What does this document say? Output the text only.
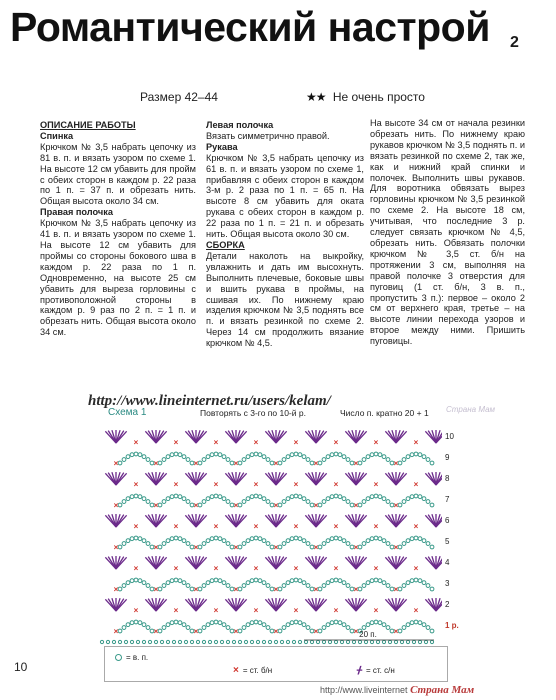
Романтический настрой 2
Размер 42–44	★★ Не очень просто

ОПИСАНИЕ РАБОТЫ

Спинка

Крючком № 3,5 набрать цепочку из 81 в. п. и вязать узором по схеме 1. На высоте 12 см убавить для пройм с обеих сторон в каждом р. 22 раза по 1 п. = 37 п. и обрезать нить. Общая высота около 34 см.

Правая полочка

Крючком № 3,5 набрать цепочку из 41 в. п. и вязать узором по схеме 1. На высоте 12 см убавить для проймы со стороны бокового шва в каждом р. 22 раза по 1 п. Одновременно, на высоте 25 см убавить для выреза горловины с противоположной стороны в каждом р. 9 раз по 2 п. = 1 п. и обрезать нить. Общая высота около 34 см.

Левая полочка

Вязать симметрично правой.

Рукава

Крючком № 3,5 набрать цепочку из 61 в. п. и вязать узором по схеме 1, прибавляя с обеих сторон в каждом 3-м р. 2 раза по 1 п. = 65 п. На высоте 8 см убавить для оката рукава с обеих сторон в каждом р. 22 раза по 1 п. = 21 п. и обрезать нить. Общая высота около 30 см.

СБОРКА

Детали наколоть на выкройку, увлажнить и дать им высохнуть. Выполнить плечевые, боковые швы и вшить рукава в проймы, на сшивая их. По нижнему краю изделия крючком № 3,5 поднять все п. и вязать резинкой по схеме 2. Через 14 см продолжить вязание крючком № 4,5.

На высоте 34 см от начала резинки обрезать нить. По нижнему краю рукавов крючком № 3,5 поднять п. и вязать резинкой по схеме 2, так же, как и нижний край спинки и полочек. Выполнить швы рукавов. Для воротника обвязать вырез горловины крючком № 3,5 резинкой по схеме 2. На высоте 18 см, учитывая, что последние 3 р. следует связать крючком № 4,5, обрезать нить. Обвязать полочки крючком № 3,5 ст. б/н на протяжении 3 см, выполняя на правой полочке 3 отверстия для пуговиц (1 ст. б/н, 3 в. п., пропустить 3 п.): первое – около 2 см от верхнего края, третье – на высоте линии перехода узоров и второе между ними. Пришить пуговицы.

http://www.lineinternet.ru/users/kelam/
Страна Мам
Схема 1	Повторять с 3-го по 10-й р.	Число п. кратно 20 + 1
×	×	×	×	×	×	×	×
×	×	×	×	×	×	×	×
×	×	×	×	×	×	×	×
×	×	×	×	×	×	×	×
×	×	×	×	×	×	×	×
×	×	×	×	×	×	×	×
×	×	×	×	×	×	×	×
×	×	×	×	×	×	×	×
×	×	×	×	×	×	×	×
×	×	×	×	×	×	×	×
20 п.
10
9
8
7
6
5
4
3
2
1 р.
= в. п.
× = ст. б/н	ᚋ = ст. с/н
10
http://www.liveinternet Страна Мам
